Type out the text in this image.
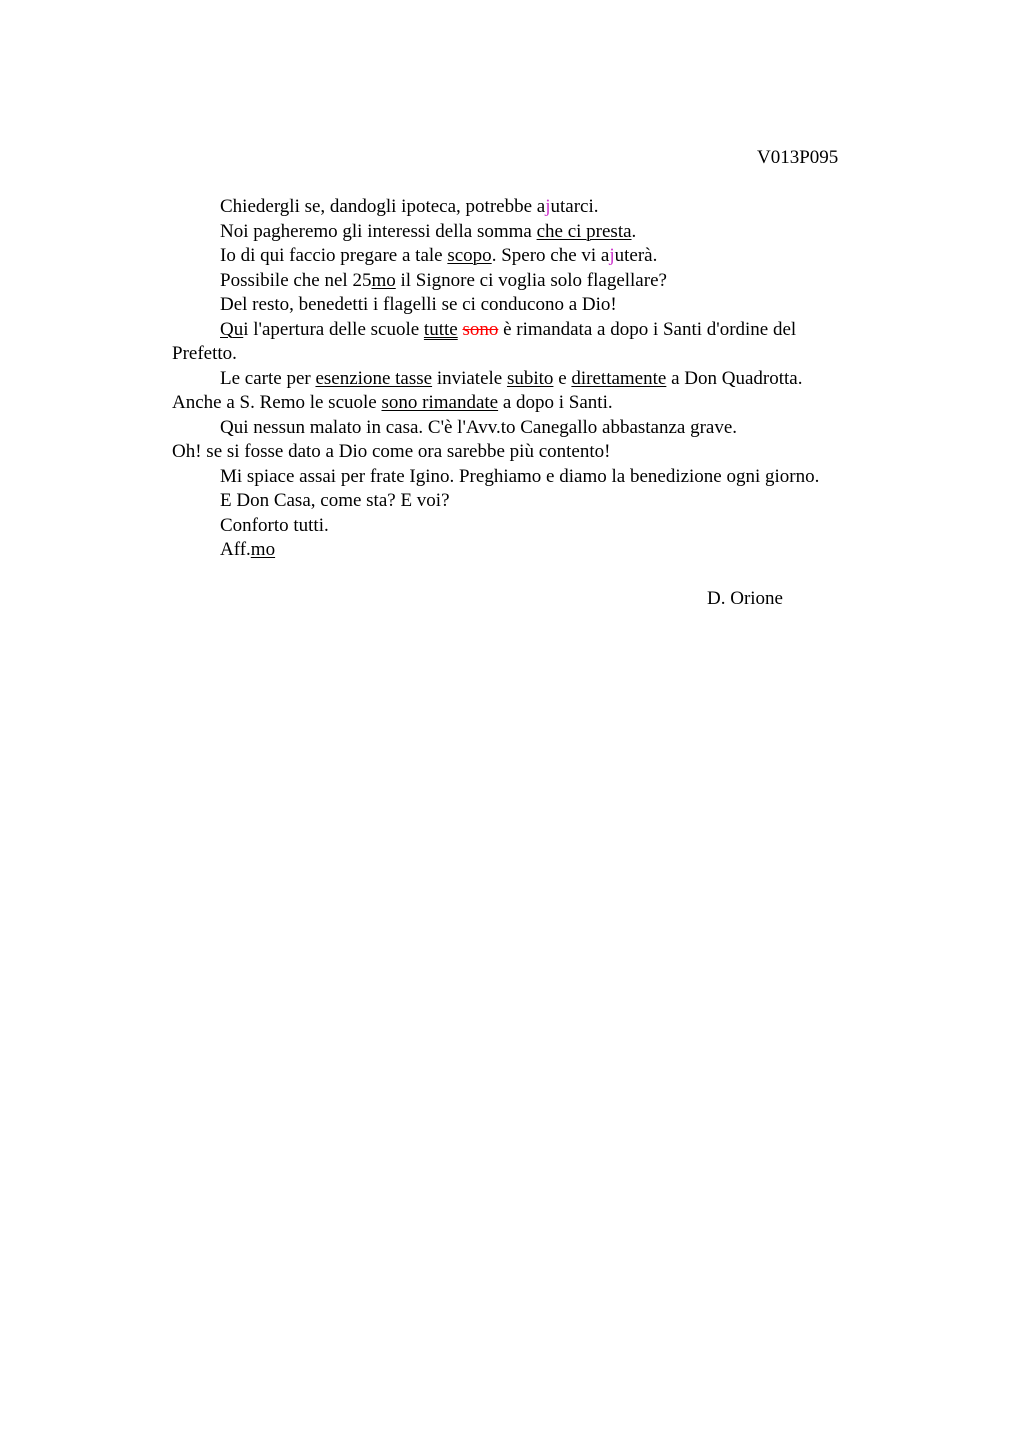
V013P095
Chiedergli se, dandogli ipoteca, potrebbe ajutarci.
Noi pagheremo gli interessi della somma che ci presta.
Io di qui faccio pregare a tale scopo. Spero che vi ajuterà.
Possibile che nel 25mo il Signore ci voglia solo flagellare?
Del resto, benedetti i flagelli se ci conducono a Dio!
Qui l'apertura delle scuole tutte sono è rimandata a dopo i Santi d'ordine del
Prefetto.
Le carte per esenzione tasse inviatele subito e direttamente a Don Quadrotta.
Anche a S. Remo le scuole sono rimandate a dopo i Santi.
Qui nessun malato in casa. C'è l'Avv.to Canegallo abbastanza grave.
Oh! se si fosse dato a Dio come ora sarebbe più contento!
Mi spiace assai per frate Igino. Preghiamo e diamo la benedizione ogni giorno.
E Don Casa, come sta? E voi?
Conforto tutti.
Aff.mo
D. Orione
